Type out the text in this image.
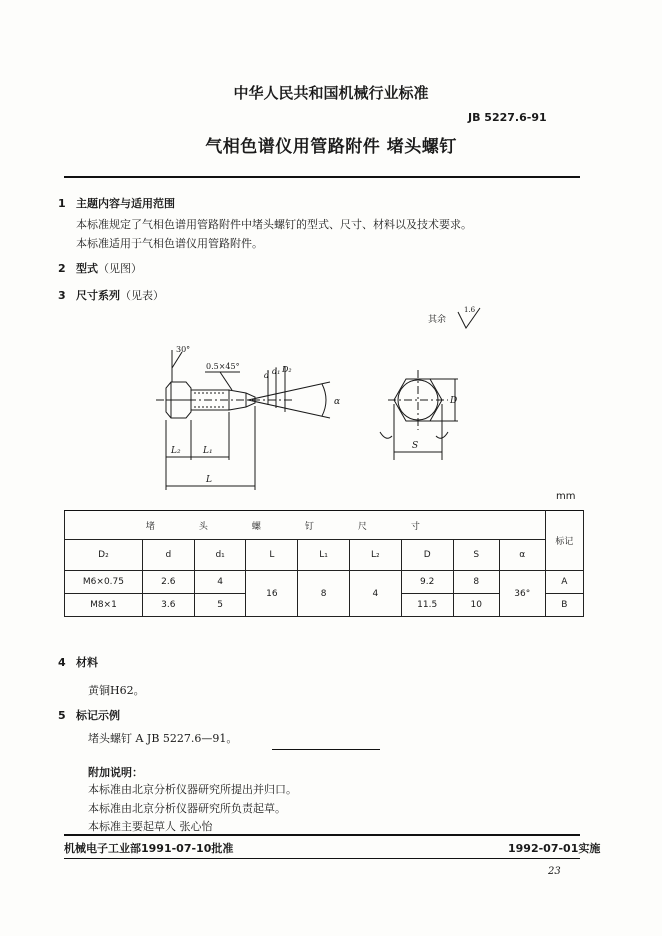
中华人民共和国机械行业标准
JB 5227.6-91
气相色谱仪用管路附件 堵头螺钉
1 主题内容与适用范围
本标准规定了气相色谱用管路附件中堵头螺钉的型式、尺寸、材料以及技术要求。
本标准适用于气相色谱仪用管路附件。
2 型式（见图）
3 尺寸系列（见表）
其余
1.6
30°
0.5×45°
d d₁ D₂
α
L₂ L₁
L
D
S
mm
堵头螺钉尺寸									标记
D₂	d	d₁	L	L₁	L₂	D	S	α	
M6×0.75	2.6	4	16	8	4	9.2	8	36°	A
M8×1	3.6	5				11.5	10		B
4 材料
黄铜H62。
5 标记示例
堵头螺钉 A JB 5227.6—91。
附加说明：
本标准由北京分析仪器研究所提出并归口。
本标准由北京分析仪器研究所负责起草。
本标准主要起草人 张心怡
机械电子工业部1991-07-10批准	1992-07-01实施
23
